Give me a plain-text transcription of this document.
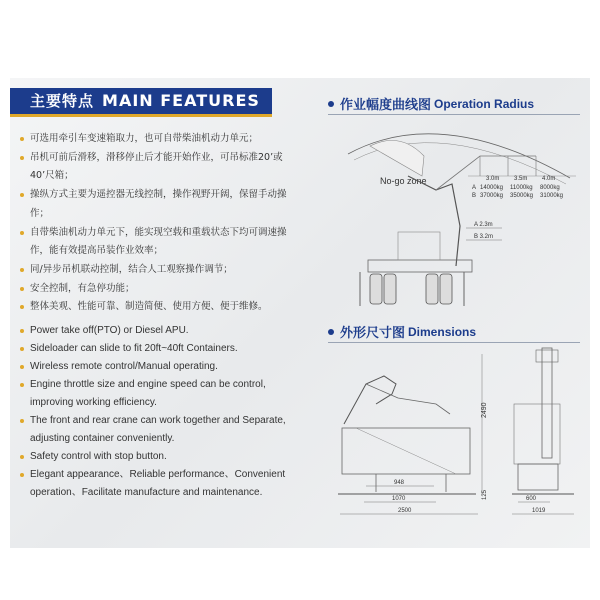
主要特点 MAIN FEATURES
可选用牵引车变速箱取力，也可自带柴油机动力单元；
吊机可前后滑移，滑移停止后才能开始作业，可吊标准20’或40’尺箱；
操纵方式主要为遥控器无线控制，操作视野开阔，保留手动操作；
自带柴油机动力单元下，能实现空载和重载状态下均可调速操作，能有效提高吊装作业效率；
同/异步吊机联动控制，结合人工观察操作调节；
安全控制，有急停功能；
整体美观、性能可靠、制造简便、使用方便、便于维修。
Power take off(PTO) or Diesel APU.
Sideloader can slide to fit 20ft~40ft Containers.
Wireless remote control/Manual operating.
Engine throttle size and engine speed can be control, improving working efficiency.
The front and rear crane can work together and Separate, adjusting container conveniently.
Safety control with stop button.
Elegant appearance、Reliable performance、Convenient operation、Facilitate manufacture and maintenance.
作业幅度曲线图 Operation Radius
No-go zone	3.0m 3.5m 4.0m
A 14000kg 11000kg 8000kg
B 37000kg 35000kg 31000kg
A 2.3m
B 3.2m
外形尺寸图 Dimensions
2490
125
948
1070
2500
600
1019
